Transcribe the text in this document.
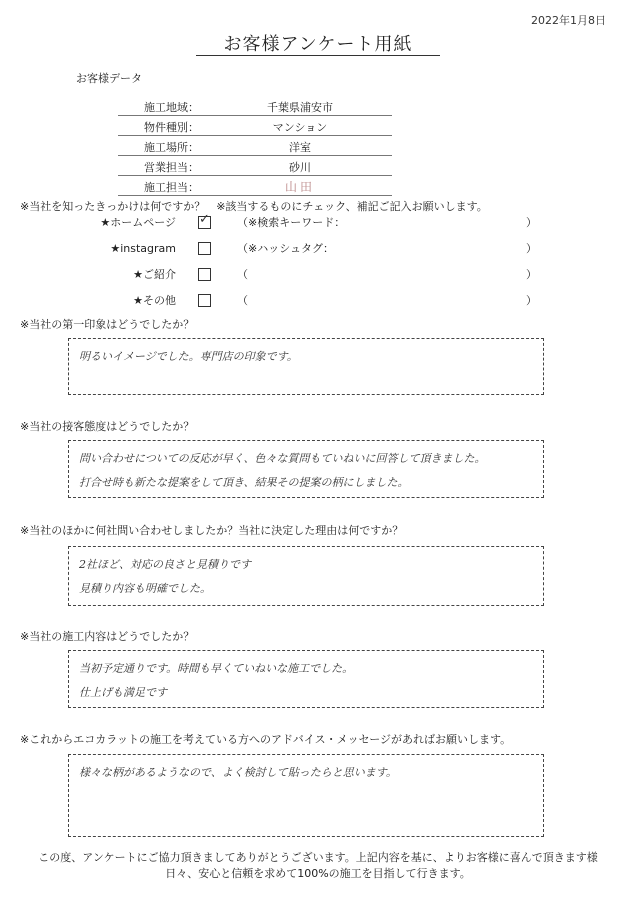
2022年1月8日
お客様アンケート用紙
お客様データ
施工地域：	千葉県浦安市
物件種別：	マンション
施工場所：	洋室
営業担当：	砂川
施工担当：	山田
※当社を知ったきっかけは何ですか？　※該当するものにチェック、補記ご記入お願いします。
★ホームページ
✓	（※検索キーワード：	）
★instagram	（※ハッシュタグ：	）
★ご紹介	（	）
★その他	（	）
※当社の第一印象はどうでしたか？
明るいイメージでした。専門店の印象です。
※当社の接客態度はどうでしたか？
問い合わせについての反応が早く、色々な質問もていねいに回答して頂きました。
打合せ時も新たな提案をして頂き、結果その提案の柄にしました。
※当社のほかに何社問い合わせしましたか？当社に決定した理由は何ですか？
2社ほど、対応の良さと見積りです
見積り内容も明確でした。
※当社の施工内容はどうでしたか？
当初予定通りです。時間も早くていねいな施工でした。
仕上げも満足です
※これからエコカラットの施工を考えている方へのアドバイス・メッセージがあればお願いします。
様々な柄があるようなので、よく検討して貼ったらと思います。
この度、アンケートにご協力頂きましてありがとうございます。上記内容を基に、よりお客様に喜んで頂きます様
日々、安心と信頼を求めて100%の施工を目指して行きます。
